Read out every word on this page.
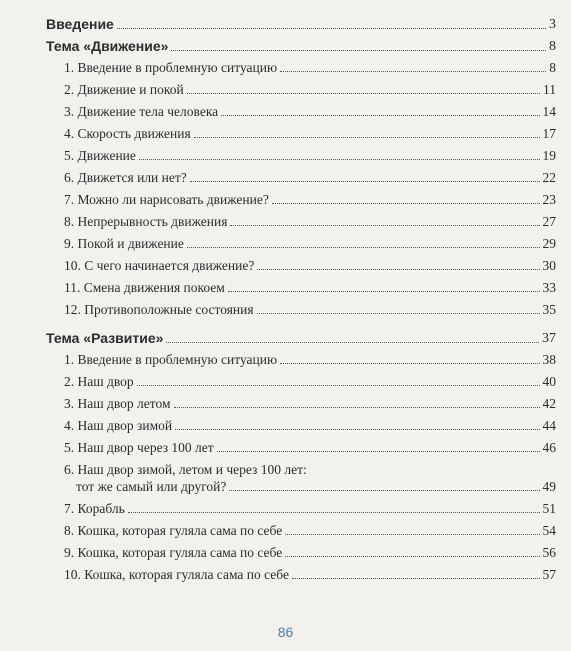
Введение	3
Тема «Движение»	8
1. Введение в проблемную ситуацию	8
2. Движение и покой	11
3. Движение тела человека	14
4. Скорость движения	17
5. Движение	19
6. Движется или нет?	22
7. Можно ли нарисовать движение?	23
8. Непрерывность движения	27
9. Покой и движение	29
10. С чего начинается движение?	30
11. Смена движения покоем	33
12. Противоположные состояния	35
Тема «Развитие»	37
1. Введение в проблемную ситуацию	38
2. Наш двор	40
3. Наш двор летом	42
4. Наш двор зимой	44
5. Наш двор через 100 лет	46
6. Наш двор зимой, летом и через 100 лет:
тот же самый или другой?	49
7. Корабль	51
8. Кошка, которая гуляла сама по себе	54
9. Кошка, которая гуляла сама по себе	56
10. Кошка, которая гуляла сама по себе	57
86
